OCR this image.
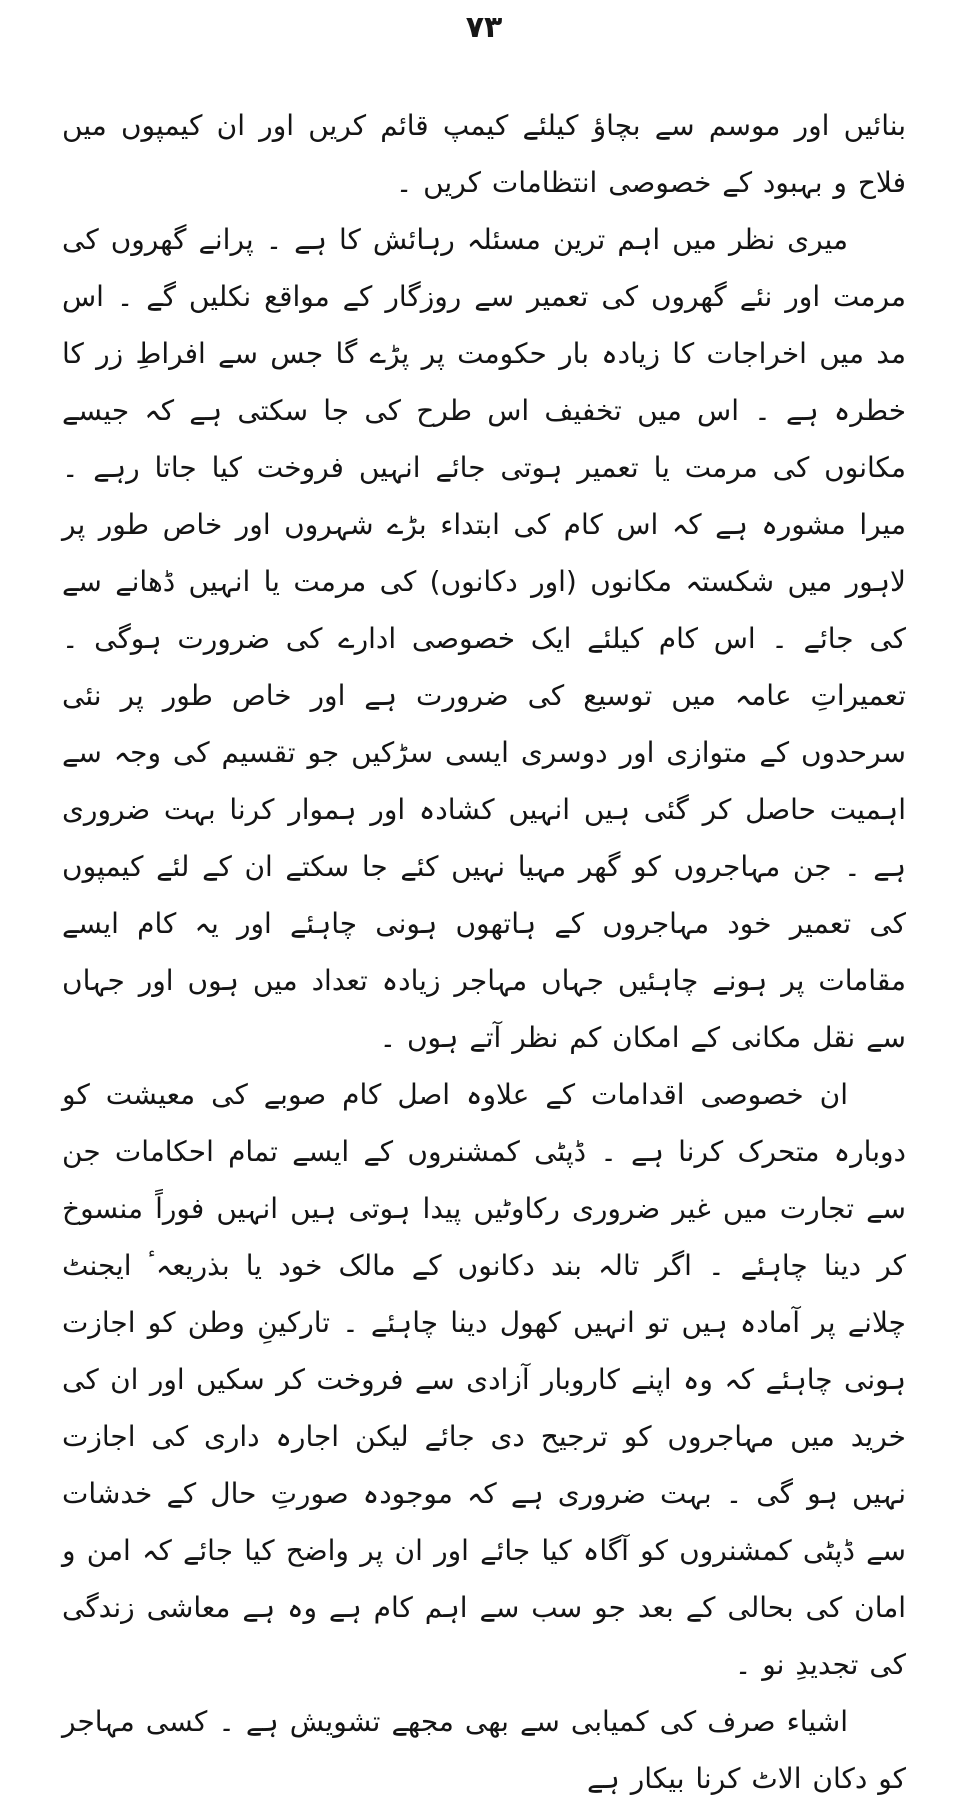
۷۳

بنائیں اور موسم سے بچاؤ کیلئے کیمپ قائم کریں اور ان کیمپوں میں فلاح و بہبود کے خصوصی انتظامات کریں ۔

میری نظر میں اہم ترین مسئلہ رہائش کا ہے ۔ پرانے گھروں کی مرمت اور نئے گھروں کی تعمیر سے روزگار کے مواقع نکلیں گے ۔ اس مد میں اخراجات کا زیادہ بار حکومت پر پڑے گا جس سے افراطِ زر کا خطرہ ہے ۔ اس میں تخفیف اس طرح کی جا سکتی ہے کہ جیسے مکانوں کی مرمت یا تعمیر ہوتی جائے انہیں فروخت کیا جاتا رہے ۔ میرا مشورہ ہے کہ اس کام کی ابتداء بڑے شہروں اور خاص طور پر لاہور میں شکستہ مکانوں (اور دکانوں) کی مرمت یا انہیں ڈھانے سے کی جائے ۔ اس کام کیلئے ایک خصوصی ادارے کی ضرورت ہوگی ۔ تعمیراتِ عامہ میں توسیع کی ضرورت ہے اور خاص طور پر نئی سرحدوں کے متوازی اور دوسری ایسی سڑکیں جو تقسیم کی وجہ سے اہمیت حاصل کر گئی ہیں انہیں کشادہ اور ہموار کرنا بہت ضروری ہے ۔ جن مہاجروں کو گھر مہیا نہیں کئے جا سکتے ان کے لئے کیمپوں کی تعمیر خود مہاجروں کے ہاتھوں ہونی چاہئے اور یہ کام ایسے مقامات پر ہونے چاہئیں جہاں مہاجر زیادہ تعداد میں ہوں اور جہاں سے نقل مکانی کے امکان کم نظر آتے ہوں ۔

ان خصوصی اقدامات کے علاوہ اصل کام صوبے کی معیشت کو دوبارہ متحرک کرنا ہے ۔ ڈپٹی کمشنروں کے ایسے تمام احکامات جن سے تجارت میں غیر ضروری رکاوٹیں پیدا ہوتی ہیں انہیں فوراً منسوخ کر دینا چاہئے ۔ اگر تالہ بند دکانوں کے مالک خود یا بذریعہٴ ایجنٹ چلانے پر آمادہ ہیں تو انہیں کھول دینا چاہئے ۔ تارکینِ وطن کو اجازت ہونی چاہئے کہ وہ اپنے کاروبار آزادی سے فروخت کر سکیں اور ان کی خرید میں مہاجروں کو ترجیح دی جائے لیکن اجارہ داری کی اجازت نہیں ہو گی ۔ بہت ضروری ہے کہ موجودہ صورتِ حال کے خدشات سے ڈپٹی کمشنروں کو آگاہ کیا جائے اور ان پر واضح کیا جائے کہ امن و امان کی بحالی کے بعد جو سب سے اہم کام ہے وہ ہے معاشی زندگی کی تجدیدِ نو ۔

اشیاء صرف کی کمیابی سے بھی مجھے تشویش ہے ۔ کسی مہاجر کو دکان الاٹ کرنا بیکار ہے
